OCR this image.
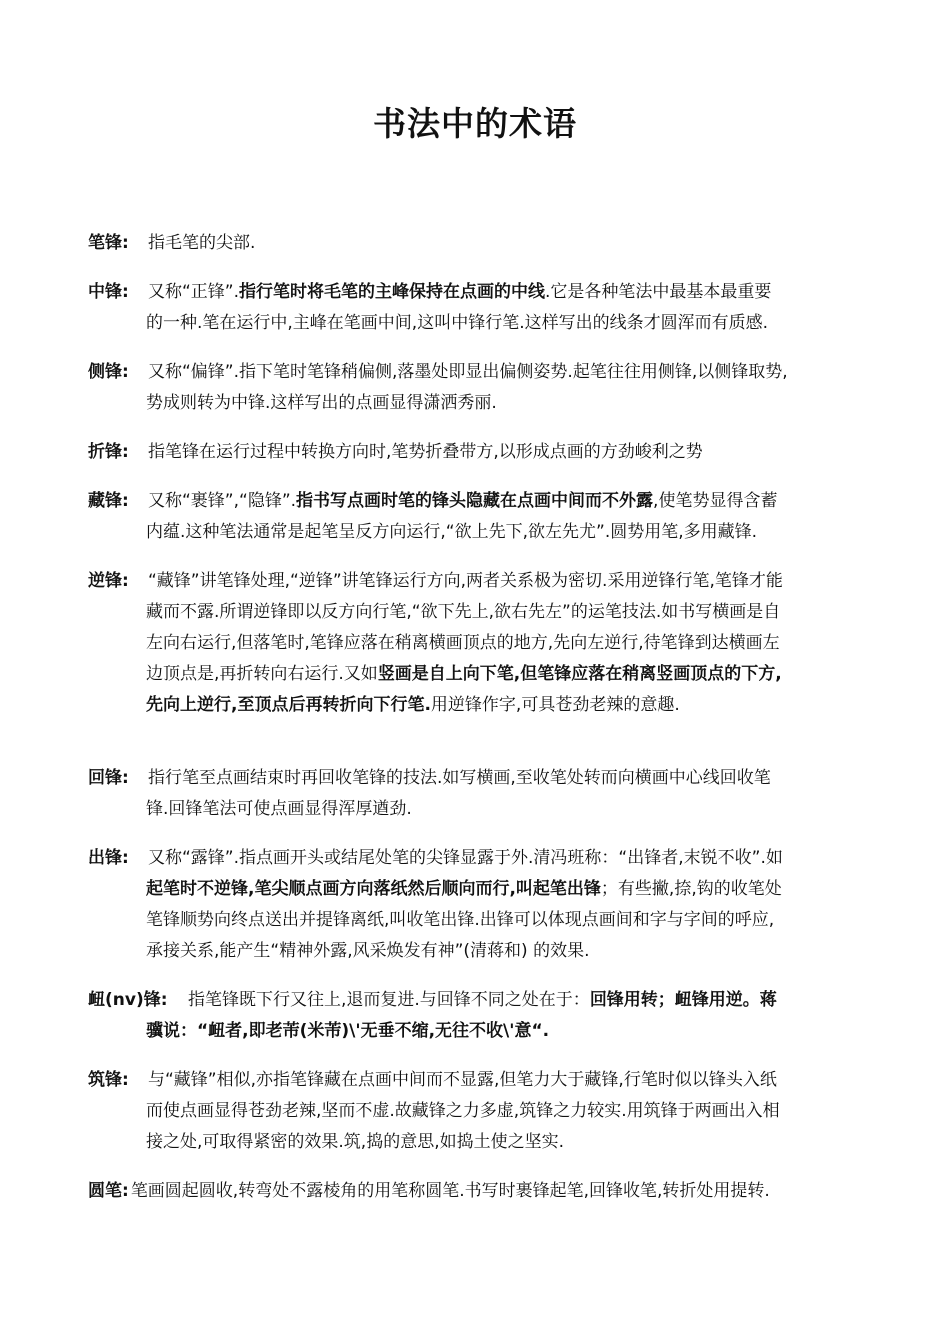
书法中的术语
笔锋: 指毛笔的尖部.
中锋: 又称“正锋”.指行笔时将毛笔的主峰保持在点画的中线.它是各种笔法中最基本最重要
的一种.笔在运行中,主峰在笔画中间,这叫中锋行笔.这样写出的线条才圆浑而有质感.
侧锋: 又称“偏锋”.指下笔时笔锋稍偏侧,落墨处即显出偏侧姿势.起笔往往用侧锋,以侧锋取势,
势成则转为中锋.这样写出的点画显得潇洒秀丽.
折锋: 指笔锋在运行过程中转换方向时,笔势折叠带方,以形成点画的方劲峻利之势
藏锋: 又称“裹锋”,“隐锋”.指书写点画时笔的锋头隐藏在点画中间而不外露,使笔势显得含蓄
内蕴.这种笔法通常是起笔呈反方向运行,“欲上先下,欲左先尤”.圆势用笔,多用藏锋.
逆锋: “藏锋”讲笔锋处理,“逆锋”讲笔锋运行方向,两者关系极为密切.采用逆锋行笔,笔锋才能
藏而不露.所谓逆锋即以反方向行笔,“欲下先上,欲右先左”的运笔技法.如书写横画是自
左向右运行,但落笔时,笔锋应落在稍离横画顶点的地方,先向左逆行,待笔锋到达横画左
边顶点是,再折转向右运行.又如竖画是自上向下笔,但笔锋应落在稍离竖画顶点的下方,
先向上逆行,至顶点后再转折向下行笔.用逆锋作字,可具苍劲老辣的意趣.
回锋: 指行笔至点画结束时再回收笔锋的技法.如写横画,至收笔处转而向横画中心线回收笔
锋.回锋笔法可使点画显得浑厚遒劲.
出锋: 又称“露锋”.指点画开头或结尾处笔的尖锋显露于外.清冯班称：“出锋者,末锐不收”.如
起笔时不逆锋,笔尖顺点画方向落纸然后顺向而行,叫起笔出锋；有些撇,捺,钩的收笔处
笔锋顺势向终点送出并提锋离纸,叫收笔出锋.出锋可以体现点画间和字与字间的呼应,
承接关系,能产生“精神外露,风采焕发有神”(清蒋和) 的效果.
衄(nv)锋: 指笔锋既下行又往上,退而复进.与回锋不同之处在于：回锋用转；衄锋用逆。蒋
骥说：“衄者,即老芾(米芾)\'无垂不缩,无往不收\'意“.
筑锋: 与“藏锋”相似,亦指笔锋藏在点画中间而不显露,但笔力大于藏锋,行笔时似以锋头入纸
而使点画显得苍劲老辣,坚而不虚.故藏锋之力多虚,筑锋之力较实.用筑锋于两画出入相
接之处,可取得紧密的效果.筑,捣的意思,如捣土使之坚实.
圆笔: 笔画圆起圆收,转弯处不露棱角的用笔称圆笔.书写时裹锋起笔,回锋收笔,转折处用提转.
